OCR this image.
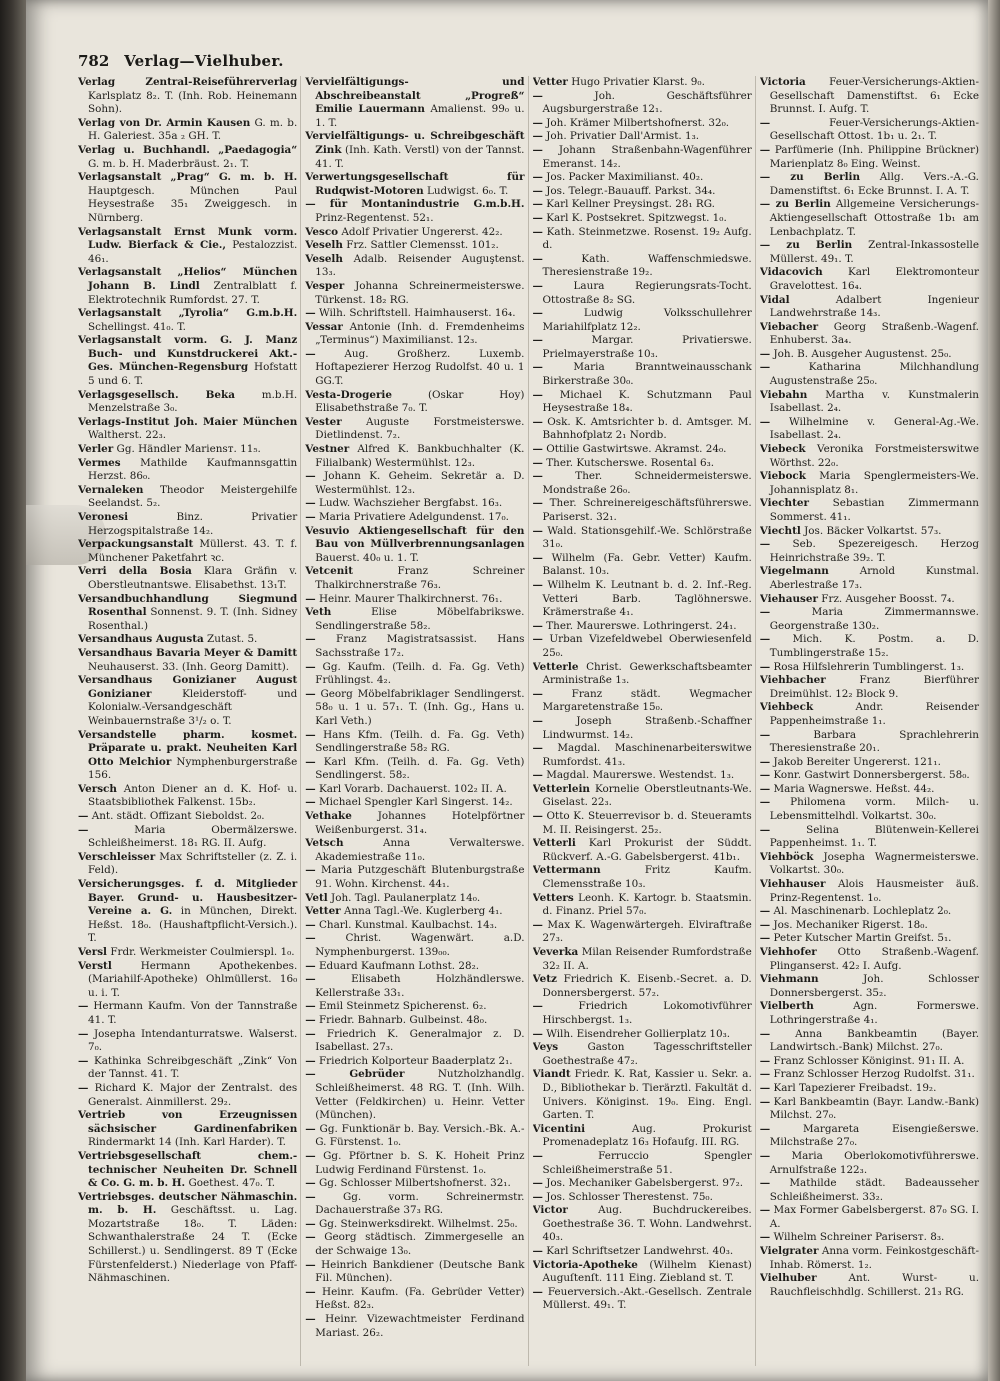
782 Verlag—Vielhuber.

Verlag Zentral-Reiseführerverlag Karlsplatz 8₂. T. (Inh. Rob. Heinemann Sohn).

Verlag von Dr. Armin Kausen G. m. b. H. Galeriest. 35a ₂ GH. T.

Verlag u. Buchhandl. „Paedagogia“ G. m. b. H. Maderbräust. 2₁. T.

Verlagsanstalt „Prag“ G. m. b. H. Hauptgesch. München Paul Heysestraße 35₁ Zweiggesch. in Nürnberg.

Verlagsanstalt Ernst Munk vorm. Ludw. Bierfack & Cie., Pestalozzist. 46₁.

Verlagsanstalt „Helios“ München Johann B. Lindl Zentralblatt f. Elektrotechnik Rumfordst. 27. T.

Verlagsanstalt „Tyrolia“ G.m.b.H. Schellingst. 41₀. T.

Verlagsanstalt vorm. G. J. Manz Buch- und Kunstdruckerei Akt.-Ges. München-Regensburg Hofstatt 5 und 6. T.

Verlagsgesellsch. Beka	m.b.H. Menzelstraße 3₀.

Verlags-Institut Joh. Maier München Waltherst. 22₃.

Verler Gg. Händler Mariensт. 11₅.

Vermes Mathilde Kaufmannsgattin Herzst. 86₀.

Vernaleken Theodor Meistergehilfe Seelandst. 5₂.

Veronesi	Binz. Privatier Herzogspitalstraße 14₂.

Verpackungsanstalt Müllerst. 43. T. f. Münchener Paketfahrt ꝛc.

Verri della Bosia Klara Gräfin v. Oberstleutnantswe. Elisabethst. 13₁T.

Versandbuchhandlung Siegmund Rosenthal Sonnenst. 9. T. (Inh. Sidney Rosenthal.)

Versandhaus Augusta Zutast. 5.

Versandhaus Bavaria Meyer & Damitt Neuhauserst. 33. (Inh. Georg Damitt).

Versandhaus Gonizianer August Gonizianer	Kleiderstoff- und Kolonialw.-Versandgeschäft Weinbauernstraße 3¹/₂ o. T.

Versandstelle pharm. kosmet. Präparate u. prakt. Neuheiten Karl Otto Melchior Nymphenburgerstraße 156.

Versch Anton Diener an d. K. Hof- u. Staatsbibliothek Falkenst. 15b₂.

— Ant. städt. Offizant Sieboldst. 2₀.

—	Maria Obermälzerswe. Schleißheimerst. 18₁ RG. II. Aufg.

Verschleisser Max Schriftsteller (z. Z. i. Feld).

Versicherungsges. f. d. Mitglieder Bayer. Grund- u. Hausbesitzer-Vereine a. G. in München, Direkt. Heßst. 18₀. (Haushaftpflicht-Versich.). T.

Versl Frdr. Werkmeister Coulmierspl. 1₀.

Verstl	Hermann Apothekenbes. (Mariahilf-Apotheke) Ohlmüllerst. 16₀ u. i. T.

— Hermann Kaufm. Von der Tannstraße 41. T.

— Josepha Intendanturratswe. Walserst. 7₀.

— Kathinka Schreibgeschäft „Zink“ Von der Tannst. 41. T.

— Richard K. Major der Zentralst. des Generalst. Ainmillerst. 29₂.

Vertrieb von Erzeugnissen sächsischer Gardinenfabriken Rindermarkt 14 (Inh. Karl Harder). T.

Vertriebsgesellschaft chem.-technischer Neuheiten Dr. Schnell & Co. G. m. b. H. Goethest. 47₀. T.

Vertriebsges. deutscher Nähmaschin. m. b. H. Geschäftsst. u. Lag. Mozartstraße 18₀. T. Läden: Schwanthalerstraße 24 T. (Ecke Schillerst.) u. Sendlingerst. 89 T (Ecke Fürstenfelderst.) Niederlage von Pfaff-Nähmaschinen.

Vervielfältigungs- und Abschreibeanstalt „Progreß“ Emilie Lauermann Amalienst. 99₀ u. 1. T.

Vervielfältigungs- u. Schreibgeschäft Zink (Inh. Kath. Verstl) von der Tannst. 41. T.

Verwertungsgesellschaft für Rudqwist-Motoren Ludwigst. 6₀. T.

— für Montanindustrie G.m.b.H. Prinz-Regentenst. 52₁.

Vesco Adolf Privatier Ungererst. 42₂.

Veselh Frz. Sattler Clemensst. 101₂.

Veselh Adalb. Reisender Auguştenst. 13₃.

Vesper Johanna Schreinermeisterswe. Türkenst. 18₂ RG.

— Wilh. Schriftstell. Haimhauserst. 16₄.

Vessar Antonie (Inh. d. Fremdenheims „Terminus“) Maximilianst. 12₃.

—	Aug. Großherz. Luxemb. Hoftapezierer Herzog Rudolfst. 40 u. 1 GG.T.

Vesta-Drogerie	(Oskar Hoy) Elisabethstraße 7₀. T.

Vester Auguste Forstmeisterswe. Dietlindenst. 7₂.

Vestner Alfred K. Bankbuchhalter (K. Filialbank) Westermühlst. 12₃.

— Johann K. Geheim. Sekretär a. D. Westermühlst. 12₃.

— Ludw. Wachszieher Bergfabst. 16₃.

— Maria Privatiere Adelgundenst. 17₀.

Vesuvio Aktiengesellschaft für den Bau von Müllverbrennungsanlagen Bauerst. 40₀ u. 1. T.

Vetcenit	Franz Schreiner Thalkirchnerstraße 76₃.

— Heinr. Maurer Thalkirchnerst. 76₁.

Veth	Elise Möbelfabrikswe. Sendlingerstraße 58₂.

— Franz Magistratsassist. Hans Sachsstraße 17₂.

— Gg. Kaufm. (Teilh. d. Fa. Gg. Veth) Frühlingst. 4₂.

— Georg Möbelfabriklager Sendlingerst. 58₀ u. 1 u. 57₁. T. (Inh. Gg., Hans u. Karl Veth.)

— Hans Kfm. (Teilh. d. Fa. Gg. Veth) Sendlingerstraße 58₂ RG.

— Karl Kfm. (Teilh. d. Fa. Gg. Veth) Sendlingerst. 58₂.

— Karl Vorarb. Dachauerst. 102₂ II. A.

— Michael Spengler Karl Singerst. 14₂.

Vethake Johannes Hotelpförtner Weißenburgerst. 31₄.

Vetsch	Anna Verwalterswe. Akademiestraße 11₀.

— Maria Putzgeschäft Blutenburgstraße 91. Wohn. Kirchenst. 44₁.

Vetl Joh. Tagl. Paulanerplatz 14₀.

Vetter Anna Tagl.-We. Kuglerberg 4₁.

— Charl. Kunstmal. Kaulbachst. 14₃.

—	Christ. Wagenwärt. a.D. Nymphenburgerst. 139₀₀.

— Eduard Kaufmann Lothst. 28₂.

—	Elisabeth Holzhändlerswe. Kellerstraße 33₁.

— Emil Steinmetz Spicherenst. 6₂.

— Friedr. Bahnarb. Gulbeinst. 48₀.

— Friedrich K. Generalmajor z. D. Isabellast. 27₃.

— Friedrich Kolporteur Baaderplatz 2₁.

— Gebrüder	Nutzholzhandlg. Schleißheimerst. 48 RG. T. (Inh. Wilh. Vetter (Feldkirchen) u. Heinr. Vetter (München).

— Gg. Funktionär b. Bay. Versich.-Bk. A.-G. Fürstenst. 1₀.

— Gg. Pförtner b. S. K. Hoheit Prinz Ludwig Ferdinand Fürstenst. 1₀.

— Gg. Schlosser Milbertshofnerst. 32₁.

—	Gg. vorm. Schreinermstr. Dachauerstraße 37₃ RG.

— Gg. Steinwerksdirekt. Wilhelmst. 25₀.

— Georg städtisch. Zimmergeselle an der Schwaige 13₀.

— Heinrich Bankdiener (Deutsche Bank Fil. München).

— Heinr. Kaufm. (Fa. Gebrüder Vetter) Heßst. 82₃.

— Heinr. Vizewachtmeister Ferdinand Mariast. 26₂.

Vetter Hugo Privatier Klarst. 9₀.

—	Joh. Geschäftsführer Augsburgerstraße 12₁.

— Joh. Krämer Milbertshofnerst. 32₀.

— Joh. Privatier Dall'Armist. 1₃.

— Johann Straßenbahn-Wagenführer Emeranst. 14₂.

— Jos. Packer Maximilianst. 40₂.

— Jos. Telegr.-Bauauff. Parkst. 34₄.

— Karl Kellner Preysingst. 28₁ RG.

— Karl K. Postsekret. Spitzwegst. 1₀.

— Kath. Steinmetzwe. Rosenst. 19₂ Aufg. d.

—	Kath. Waffenschmiedswe. Theresienstraße 19₂.

—	Laura Regierungsrats-Tocht. Ottostraße 8₂ SG.

—	Ludwig Volksschullehrer Mariahilfplatz 12₂.

—	Margar. Privatierswe. Prielmayerstraße 10₃.

—	Maria Branntweinausschank Birkerstraße 30₀.

— Michael K. Schutzmann Paul Heysestraße 18₄.

— Osk. K. Amtsrichter b. d. Amtsger. M. Bahnhofplatz 2₁ Nordb.

— Ottilie Gastwirtswe. Akramst. 24₀.

— Ther. Kutscherswe. Rosental 6₃.

—	Ther. Schneidermeisterswe. Mondstraße 26₀.

— Ther. Schreinereigeschäftsführerswe. Pariserst. 32₁.

— Wald. Stationsgehilf.-We. Schlörstraße 31₀.

— Wilhelm (Fa. Gebr. Vetter) Kaufm. Balanst. 10₃.

— Wilhelm K. Leutnant b. d. 2. Inf.-Reg. Vetteri Barb. Taglöhnerswe. Krämerstraße 4₁.

— Ther. Maurerswe. Lothringerst. 24₁.

— Urban Vizefeldwebel Oberwiesenfeld 25₀.

Vetterle Christ. Gewerkschaftsbeamter Arministraße 1₃.

—	Franz städt. Wegmacher Margaretenstraße 15₀.

—	Joseph Straßenb.-Schaffner Lindwurmst. 14₂.

— Magdal. Maschinenarbeiterswitwe Rumfordst. 41₃.

— Magdal. Maurerswe. Westendst. 1₃.

Vetterlein Kornelie Oberstleutnants-We. Giselast. 22₃.

— Otto K. Steuerrevisor b. d. Steueramts M. II. Reisingerst. 25₂.

Vetterli Karl Prokurist der Süddt. Rückverf. A.-G. Gabelsbergerst. 41b₁.

Vettermann	Fritz Kaufm. Clemensstraße 10₃.

Vetters Leonh. K. Kartogr. b. Staatsmin. d. Finanz. Priel 57₀.

— Max K. Wagenwärtergeh. Elviraftraße 27₃.

Veverka Milan Reisender Rumfordstraße 32₂ II. A.

Vetz Friedrich K. Eisenb.-Secret. a. D. Donnersbergerst. 57₂.

—	Friedrich Lokomotivführer Hirschbergst. 1₃.

— Wilh. Eisendreher Gollierplatz 10₃.

Veys	Gaston Tagesschriftsteller Goethestraße 47₂.

Viandt Friedr. K. Rat, Kassier u. Sekr. a. D., Bibliothekar b. Tierärztl. Fakultät d. Univers. Königinst. 19₀. Eing. Engl. Garten. T.

Vicentini	Aug. Prokurist Promenadeplatz 16₃ Hofaufg. III. RG.

—	Ferruccio Spengler Schleißheimerstraße 51.

— Jos. Mechaniker Gabelsbergerst. 97₂.

— Jos. Schlosser Therestenst. 75₀.

Victor	Aug. Buchdruckereibes. Goethestraße 36. T. Wohn. Landwehrst. 40₃.

— Karl Schriftsetzer Landwehrst. 40₃.

Victoria-Apotheke (Wilhelm Kienast) Auguſtenſt. 111 Eing. Ziebland st. T.

— Feuerversich.-Akt.-Gesellsch. Zentrale Müllerst. 49₁. T.

Victoria Feuer-Versicherungs-Aktien-Gesellschaft Damenstiftst. 6₁ Ecke Brunnst. I. Aufg. T.

—	Feuer-Versicherungs-Aktien-Gesellschaft Ottost. 1b₁ u. 2₁. T.

— Parfümerie (Inh. Philippine Brückner) Marienplatz 8₀ Eing. Weinst.

— zu Berlin Allg. Vers.-A.-G. Damenstiftst. 6₁ Ecke Brunnst. I. A. T.

— zu Berlin Allgemeine Versicherungs-Aktiengesellschaft Ottostraße 1b₁ am Lenbachplatz. T.

— zu Berlin Zentral-Inkassostelle Müllerst. 49₁. T.

Vidacovich Karl Elektromonteur Gravelottest. 16₄.

Vidal	Adalbert Ingenieur Landwehrstraße 14₃.

Viebacher Georg Straßenb.-Wagenf. Enhuberst. 3a₄.

— Joh. B. Ausgeher Augustenst. 25₀.

—	Katharina Milchhandlung Augustenstraße 25₀.

Viebahn Martha v. Kunstmalerin Isabellast. 2₄.

— Wilhelmine v. General-Ag.-We. Isabellast. 2₄.

Viebeck Veronika Forstmeisterswitwe Wörthst. 22₀.

Viebock Maria Spenglermeisters-We. Johannisplatz 8₁.

Viechter Sebastian Zimmermann Sommerst. 41₁.

Viechtl Jos. Bäcker Volkartst. 57₃.

— Seb. Spezereigesch. Herzog Heinrichstraße 39₂. T.

Viegelmann	Arnold Kunstmal. Aberlestraße 17₃.

Viehauser Frz. Ausgeher Boosst. 7₄.

—	Maria Zimmermannswe. Georgenstraße 130₂.

— Mich. K. Postm. a. D. Tumblingerstraße 15₂.

— Rosa Hilfslehrerin Tumblingerst. 1₃.

Viehbacher	Franz Bierführer Dreimühlst. 12₂ Block 9.

Viehbeck	Andr. Reisender Pappenheimstraße 1₁.

—	Barbara Sprachlehrerin Theresienstraße 20₁.

— Jakob Bereiter Ungererst. 121₁.

— Konr. Gastwirt Donnersbergerst. 58₀.

— Maria Wagnerswe. Heßst. 44₂.

— Philomena vorm. Milch- u. Lebensmittelhdl. Volkartst. 30₀.

—	Selina Blütenwein-Kellerei Pappenheimst. 1₁. T.

Viehböck Josepha Wagnermeisterswe. Volkartst. 30₀.

Viehhauser Alois Hausmeister äuß. Prinz-Regentenst. 1₀.

— Al. Maschinenarb. Lochleplatz 2₀.

— Jos. Mechaniker Rigerst. 18₀.

— Peter Kutscher Martin Greifst. 5₁.

Viehhofer Otto Straßenb.-Wagenf. Plinganserst. 42₂ I. Aufg.

Viehmann	Joh. Schlosser Donnersbergerst. 35₂.

Vielberth	Agn. Formerswe. Lothringerstraße 4₁.

— Anna Bankbeamtin (Bayer. Landwirtsch.-Bank) Milchst. 27₀.

— Franz Schlosser Königinst. 91₁ II. A.

— Franz Schlosser Herzog Rudolfst. 31₁.

— Karl Tapezierer Freibadst. 19₂.

— Karl Bankbeamtin (Bayr. Landw.-Bank) Milchst. 27₀.

—	Margareta Eisengießerswe. Milchstraße 27₀.

— Maria Oberlokomotivführerswe. Arnulfstraße 122₃.

— Mathilde städt. Badeausseher Schleißheimerst. 33₂.

— Max Former Gabelsbergerst. 87₀ SG. I. A.

— Wilhelm Schreiner Parisersт. 8₃.

Vielgrater Anna vorm. Feinkostgeschäft-Inhab. Römerst. 1₂.

Vielhuber	Ant. Wurst- u. Rauchfleischhdlg. Schillerst. 21₃ RG.
